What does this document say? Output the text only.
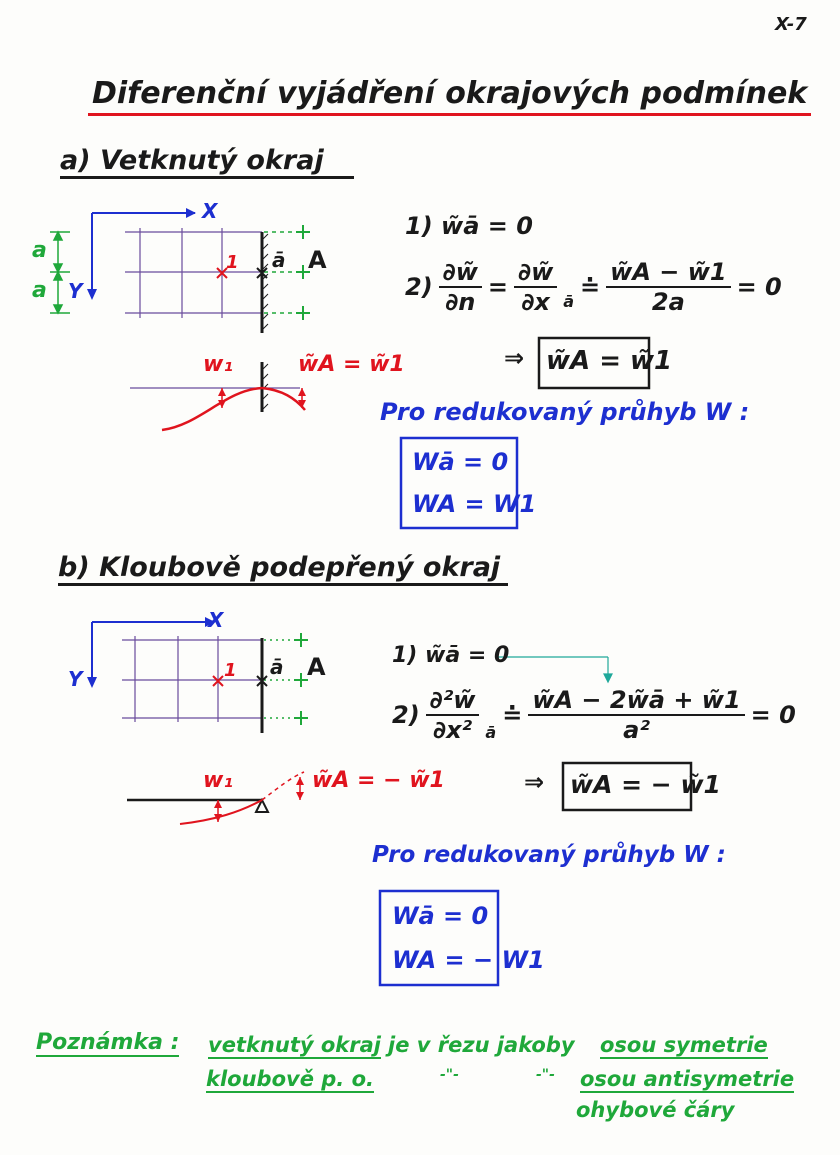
X-7
Diferenční vyjádření okrajových podmínek
a) Vetknutý okraj
X
Y
a
a
1 ā A
w₁	w̃A = w̃1
1) w̃ā = 0
$2) \frac{\partial w̃}{\partial n} = \frac{\partial w̃}{\partial x}$ ā ≐ $\frac{w̃A - w̃1}{2a} = 0$
⇒ w̃A = w̃1
Pro redukovaný průhyb W :
Wā = 0
WA = W1
b) Kloubově podepřený okraj
X
Y	1 ā A
w₁	w̃A = − w̃1
1) w̃ā = 0
$2) \frac{\text{∂²w̃}}{\text{∂x²}}$ ā
≐ $\frac{w̃A - 2w̃ā + w̃1}{\text{a²}} = 0$
⇒ w̃A = − w̃1
Pro redukovaný průhyb W :
Wā = 0
WA = − W1
Poznámka : vetknutý okraj je v řezu jakoby osou symetrie
kloubově p. o.	-"-	-"- osou antisymetrie
ohybové čáry
